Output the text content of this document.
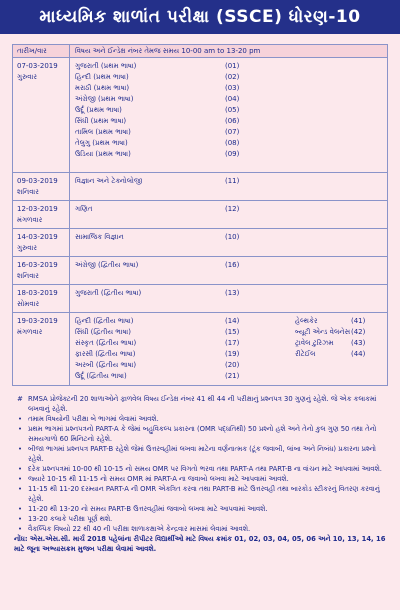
માધ્યમિક શાળાંત પરીક્ષા (SSCE) ધોરણ-10
તારીખ/વાર	વિષય અને ઈન્ડેક્ષ નંબર તેમજ સમય 10-00 am to 13-20 pm
07-03-2019
ગુરુવાર
ગુજરાતી (પ્રથમ ભાષા)	(01)
હિન્દી (પ્રથમ ભાષા)	(02)
મરાઠી (પ્રથમ ભાષા)	(03)
અંગ્રેજી (પ્રથમ ભાષા)	(04)
ઉર્દૂ (પ્રથમ ભાષા)	(05)
સિંધી (પ્રથમ ભાષા)	(06)
તામિલ (પ્રથમ ભાષા)	(07)
તેલુગુ (પ્રથમ ભાષા)	(08)
ઉડિયા (પ્રથમ ભાષા)	(09)
09-03-2019
શનિવાર
વિજ્ઞાન અને ટેક્નોલોજી	(11)
12-03-2019
મંગળવાર
ગણિત	(12)
14-03-2019
ગુરુવાર
સામાજિક વિજ્ઞાન	(10)
16-03-2019
શનિવાર
અંગ્રેજી (દ્વિતીય ભાષા)	(16)
18-03-2019
સોમવાર
ગુજરાતી (દ્વિતીય ભાષા)	(13)
19-03-2019
મંગળવાર
હિન્દી (દ્વિતીય ભાષા)	(14)	હેલ્થકેર	(41)
સિંધી (દ્વિતીય ભાષા)	(15)	બ્યૂટી એન્ડ વેલનેસ (42)
સંસ્કૃત (દ્વિતીય ભાષા)	(17)	ટ્રાવેલ ટુરિઝમ (43)
ફારસી (દ્વિતીય ભાષા)	(19)	રીટેઈલ	(44)
અરબી (દ્વિતીય ભાષા)	(20)
ઉર્દૂ (દ્વિતીય ભાષા)	(21)
# RMSA પ્રોજેક્ટની 20 શાળાઓને ફાળવેલ વિષય ઈન્ડેક્ષ નંબર 41 થી 44 ની પરીક્ષાનું પ્રશ્નપત્ર 30 ગુણનું રહેશે. જે એક કલાકમાં લખવાનું રહેશે.
• તમામ વિષયોની પરીક્ષા બે ભાગમાં લેવામાં આવશે.
• પ્રથમ ભાગમાં પ્રશ્નપત્રનો PART-A કે જેમાં બહુવિકલ્પ પ્રકારના (OMR પદ્ધતિથી) 50 પ્રશ્નો હશે અને તેનો કુલ ગુણ 50 તથા તેનો સમયગાળો 60 મિનિટનો રહેશે.
• બીજા ભાગમાં પ્રશ્નપત્ર PART-B રહેશે જેમાં ઉત્તરવહીમાં લખવા માટેના વર્ણનાત્મક (ટૂંક જવાબી, લાંબા અને નિબંધ) પ્રકારના પ્રશ્નો રહેશે.
• દરેક પ્રશ્નપત્રમાં 10-00 થી 10-15 નો સમય OMR પર વિગતો ભરવા તથા PART-A તથા PART-B ના વાંચન માટે આપવામાં આવશે.
• જ્યારે 10-15 થી 11-15 નો સમય OMR માં PART-A ના જવાબો લખવા માટે આપવામાં આવશે.
• 11-15 થી 11-20 દરમ્યાન PART-A ની OMR એકત્રિત કરવા તથા PART-B માટે ઉત્તરવહી તથા બારકોડ સ્ટીકરનું વિતરણ કરવાનું રહેશે.
• 11-20 થી 13-20 નો સમય PART-B ઉત્તરવહીમાં જવાબો લખવા માટે આપવામાં આવશે.
• 13-20 કલાકે પરીક્ષા પૂર્ણ થશે.
• વૈકલ્પિક વિષયો 22 થી 40 ની પરીક્ષા શાળાકક્ષાએ કેન્દ્રવાર માસમાં લેવામાં આવશે.
નોંધ: એસ.એસ.સી. માર્ચ 2018 પહેલાંના રીપીટર વિદ્યાર્થીઓ માટે વિષય ક્રમાંક 01, 02, 03, 04, 05, 06 અને 10, 13, 14, 16 માટે જૂના અભ્યાસક્રમ મુજબ પરીક્ષા લેવામાં આવશે.
